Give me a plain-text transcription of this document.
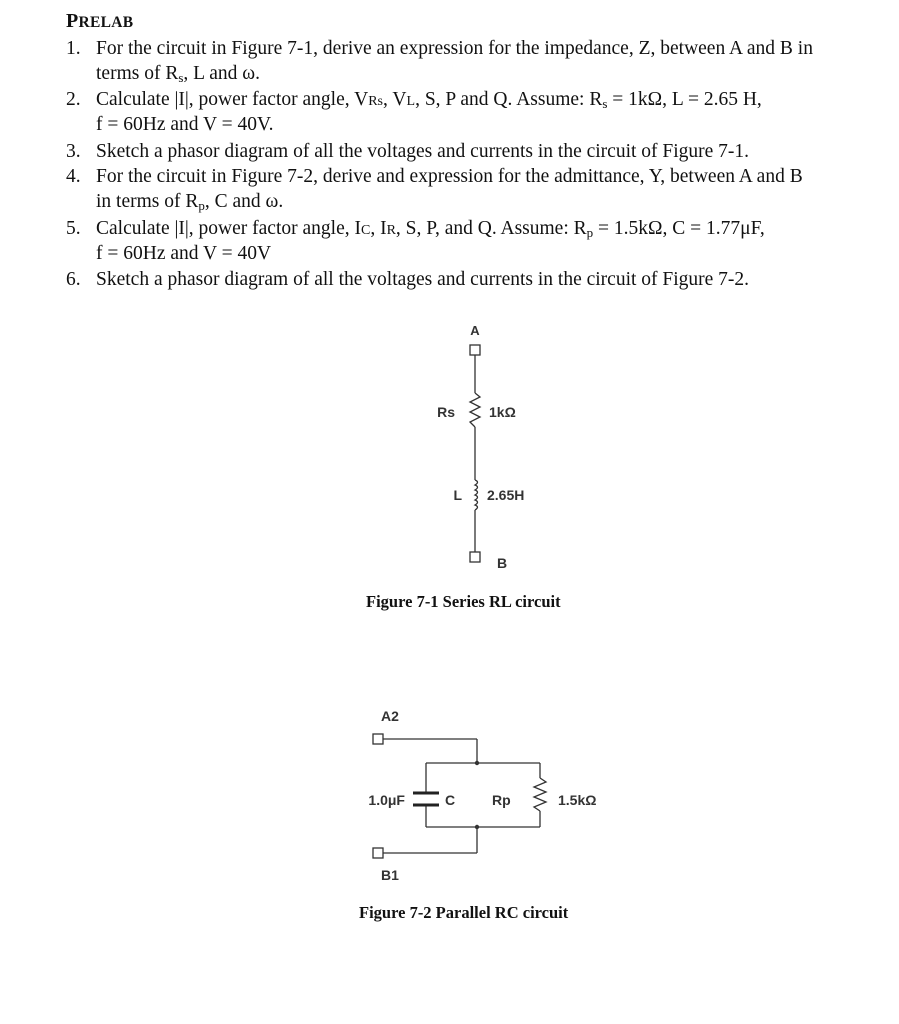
PRELAB
1. For the circuit in Figure 7-1, derive an expression for the impedance, Z, between A and B in
terms of $R_s$, L and ω.
2. Calculate |I|, power factor angle, VRs, VL, S, P and Q. Assume: $R_s = 1k\Omega$, L = 2.65 H,
f = 60Hz and V = 40V.
3. Sketch a phasor diagram of all the voltages and currents in the circuit of Figure 7-1.
4. For the circuit in Figure 7-2, derive and expression for the admittance, Y, between A and B
in terms of $R_p$, C and ω.
5. Calculate |I|, power factor angle, IC, IR, S, P, and Q. Assume: $R_p = 1.5k\Omega$, C = 1.77μF,
f = 60Hz and V = 40V
6. Sketch a phasor diagram of all the voltages and currents in the circuit of Figure 7-2.
A
Rs 1kΩ
L 2.65H
B
Figure 7-1 Series RL circuit
A2
1.0μF	C	Rp	1.5kΩ
B1
Figure 7-2 Parallel RC circuit
